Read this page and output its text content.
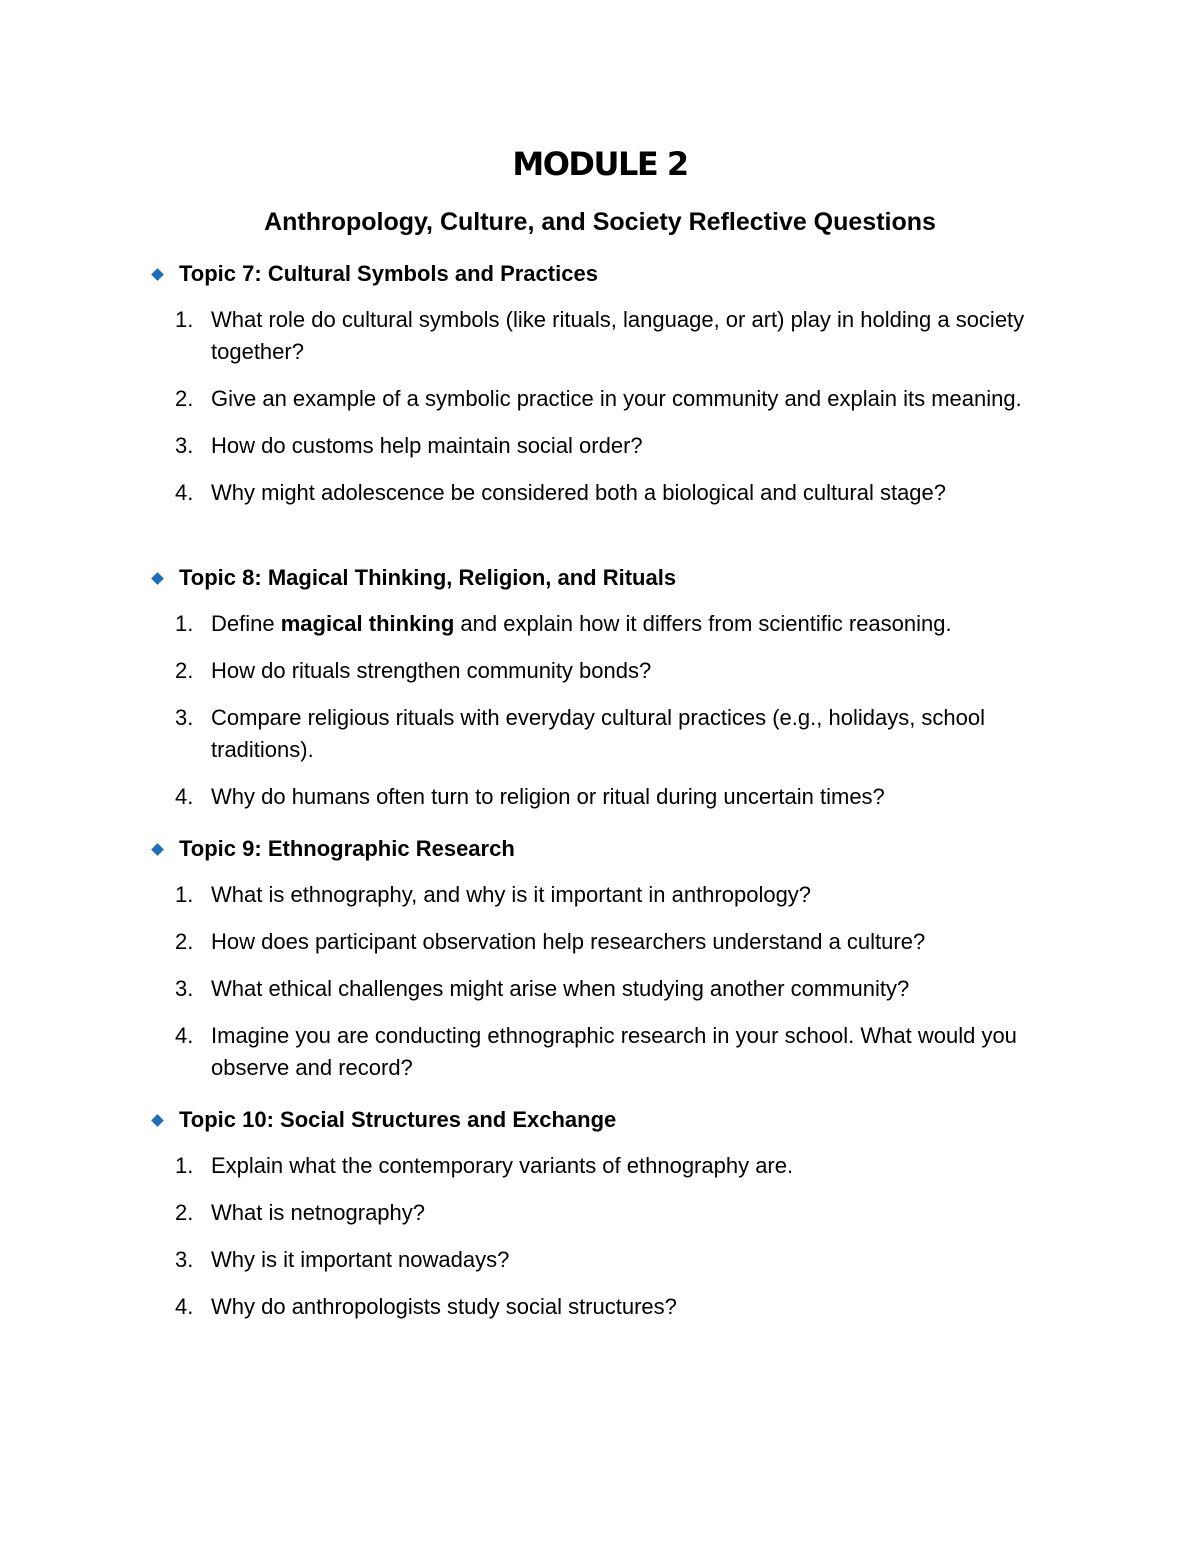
MODULE 2
Anthropology, Culture, and Society Reflective Questions
Topic 7: Cultural Symbols and Practices
1. What role do cultural symbols (like rituals, language, or art) play in holding a society together?
2. Give an example of a symbolic practice in your community and explain its meaning.
3. How do customs help maintain social order?
4. Why might adolescence be considered both a biological and cultural stage?
Topic 8: Magical Thinking, Religion, and Rituals
1. Define magical thinking and explain how it differs from scientific reasoning.
2. How do rituals strengthen community bonds?
3. Compare religious rituals with everyday cultural practices (e.g., holidays, school traditions).
4. Why do humans often turn to religion or ritual during uncertain times?
Topic 9: Ethnographic Research
1. What is ethnography, and why is it important in anthropology?
2. How does participant observation help researchers understand a culture?
3. What ethical challenges might arise when studying another community?
4. Imagine you are conducting ethnographic research in your school. What would you observe and record?
Topic 10: Social Structures and Exchange
1. Explain what the contemporary variants of ethnography are.
2. What is netnography?
3. Why is it important nowadays?
4. Why do anthropologists study social structures?
